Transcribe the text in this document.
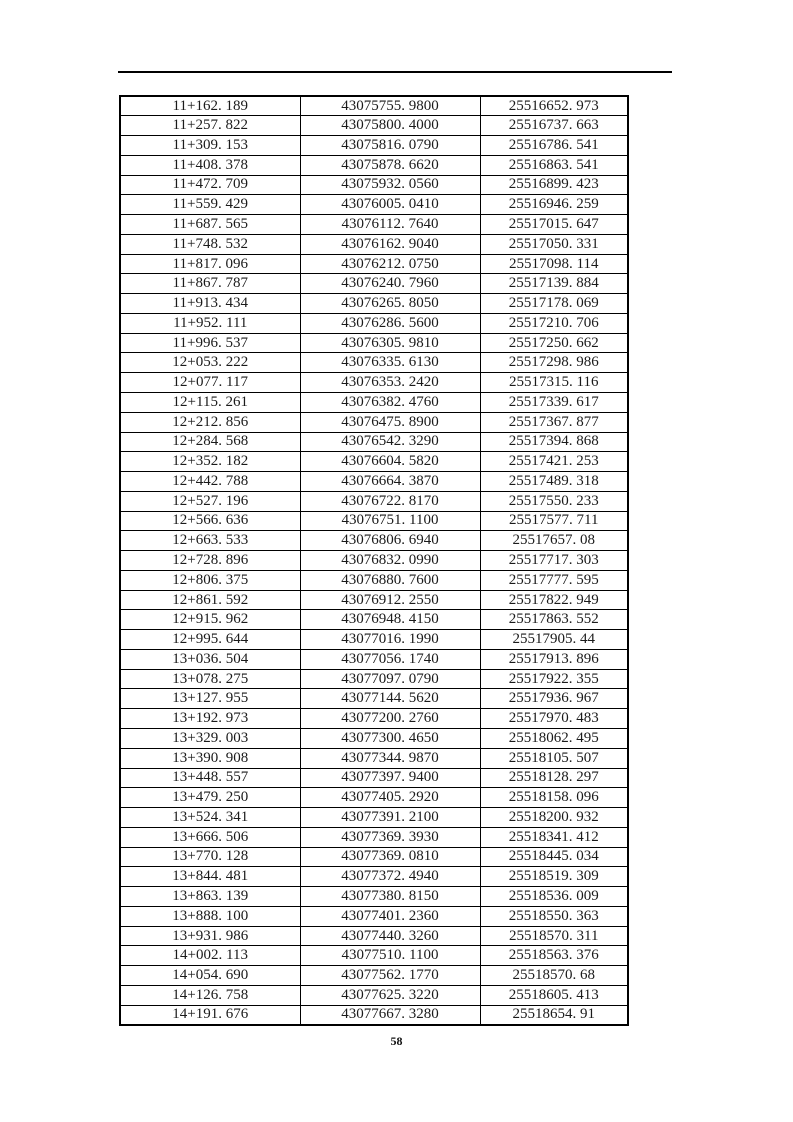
11+162. 189	43075755. 9800	25516652. 973
11+257. 822	43075800. 4000	25516737. 663
11+309. 153	43075816. 0790	25516786. 541
11+408. 378	43075878. 6620	25516863. 541
11+472. 709	43075932. 0560	25516899. 423
11+559. 429	43076005. 0410	25516946. 259
11+687. 565	43076112. 7640	25517015. 647
11+748. 532	43076162. 9040	25517050. 331
11+817. 096	43076212. 0750	25517098. 114
11+867. 787	43076240. 7960	25517139. 884
11+913. 434	43076265. 8050	25517178. 069
11+952. 111	43076286. 5600	25517210. 706
11+996. 537	43076305. 9810	25517250. 662
12+053. 222	43076335. 6130	25517298. 986
12+077. 117	43076353. 2420	25517315. 116
12+115. 261	43076382. 4760	25517339. 617
12+212. 856	43076475. 8900	25517367. 877
12+284. 568	43076542. 3290	25517394. 868
12+352. 182	43076604. 5820	25517421. 253
12+442. 788	43076664. 3870	25517489. 318
12+527. 196	43076722. 8170	25517550. 233
12+566. 636	43076751. 1100	25517577. 711
12+663. 533	43076806. 6940	25517657. 08
12+728. 896	43076832. 0990	25517717. 303
12+806. 375	43076880. 7600	25517777. 595
12+861. 592	43076912. 2550	25517822. 949
12+915. 962	43076948. 4150	25517863. 552
12+995. 644	43077016. 1990	25517905. 44
13+036. 504	43077056. 1740	25517913. 896
13+078. 275	43077097. 0790	25517922. 355
13+127. 955	43077144. 5620	25517936. 967
13+192. 973	43077200. 2760	25517970. 483
13+329. 003	43077300. 4650	25518062. 495
13+390. 908	43077344. 9870	25518105. 507
13+448. 557	43077397. 9400	25518128. 297
13+479. 250	43077405. 2920	25518158. 096
13+524. 341	43077391. 2100	25518200. 932
13+666. 506	43077369. 3930	25518341. 412
13+770. 128	43077369. 0810	25518445. 034
13+844. 481	43077372. 4940	25518519. 309
13+863. 139	43077380. 8150	25518536. 009
13+888. 100	43077401. 2360	25518550. 363
13+931. 986	43077440. 3260	25518570. 311
14+002. 113	43077510. 1100	25518563. 376
14+054. 690	43077562. 1770	25518570. 68
14+126. 758	43077625. 3220	25518605. 413
14+191. 676	43077667. 3280	25518654. 91
58
